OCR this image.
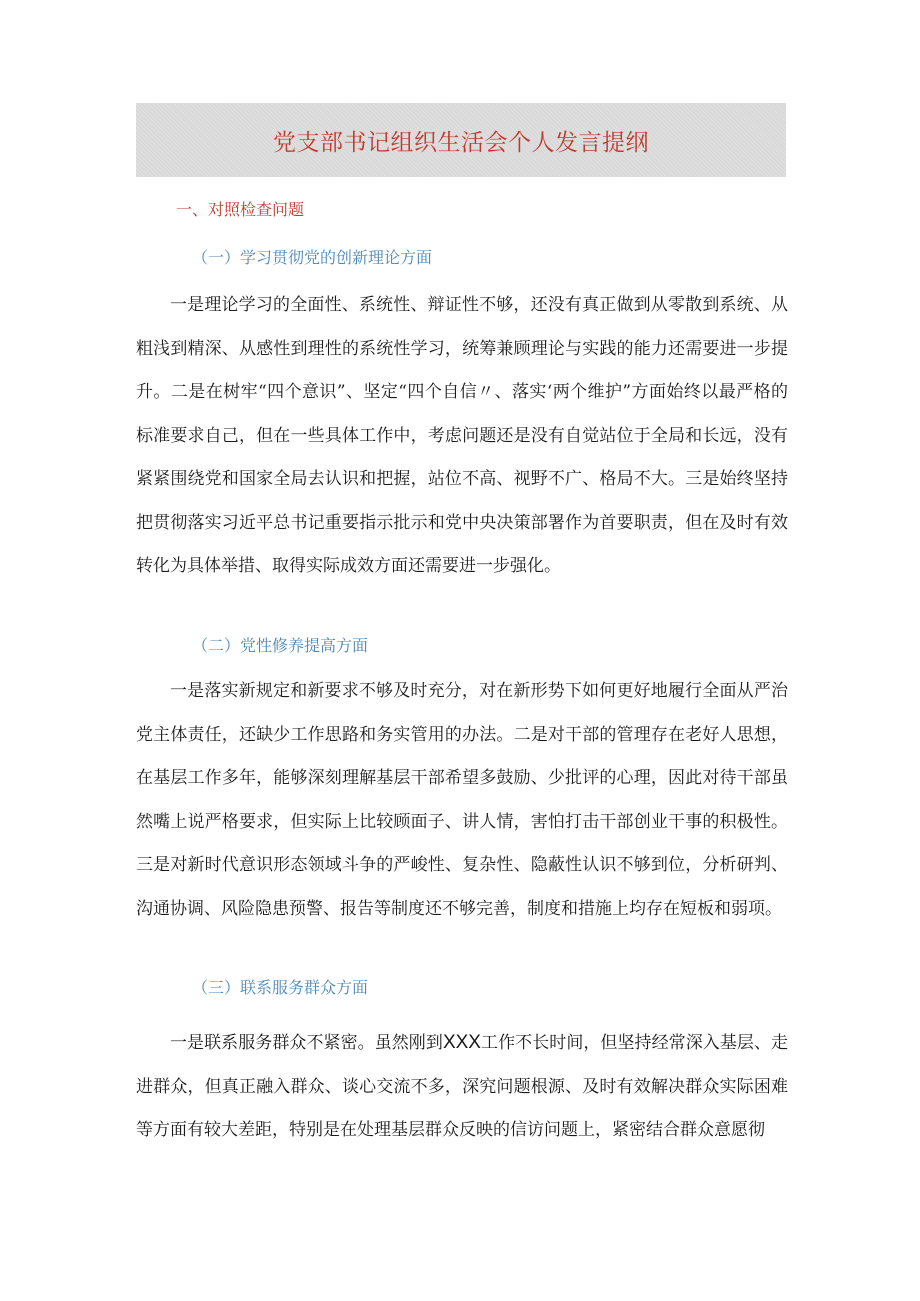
党支部书记组织生活会个人发言提纲
一、对照检查问题
（一）学习贯彻党的创新理论方面

一是理论学习的全面性、系统性、辩证性不够，还没有真正做到从零散到系统、从粗浅到精深、从感性到理性的系统性学习，统筹兼顾理论与实践的能力还需要进一步提升。二是在树牢“四个意识”、坚定“四个自信〃、落实‘两个维护”方面始终以最严格的标准要求自己，但在一些具体工作中，考虑问题还是没有自觉站位于全局和长远，没有紧紧围绕党和国家全局去认识和把握，站位不高、视野不广、格局不大。三是始终坚持把贯彻落实习近平总书记重要指示批示和党中央决策部署作为首要职责，但在及时有效转化为具体举措、取得实际成效方面还需要进一步强化。

（二）党性修养提高方面

一是落实新规定和新要求不够及时充分，对在新形势下如何更好地履行全面从严治党主体责任，还缺少工作思路和务实管用的办法。二是对干部的管理存在老好人思想，在基层工作多年，能够深刻理解基层干部希望多鼓励、少批评的心理，因此对待干部虽然嘴上说严格要求，但实际上比较顾面子、讲人情，害怕打击干部创业干事的积极性。三是对新时代意识形态领域斗争的严峻性、复杂性、隐蔽性认识不够到位，分析研判、沟通协调、风险隐患预警、报告等制度还不够完善，制度和措施上均存在短板和弱项。

（三）联系服务群众方面

一是联系服务群众不紧密。虽然刚到XXX工作不长时间，但坚持经常深入基层、走进群众，但真正融入群众、谈心交流不多，深究问题根源、及时有效解决群众实际困难等方面有较大差距，特别是在处理基层群众反映的信访问题上，紧密结合群众意愿彻
